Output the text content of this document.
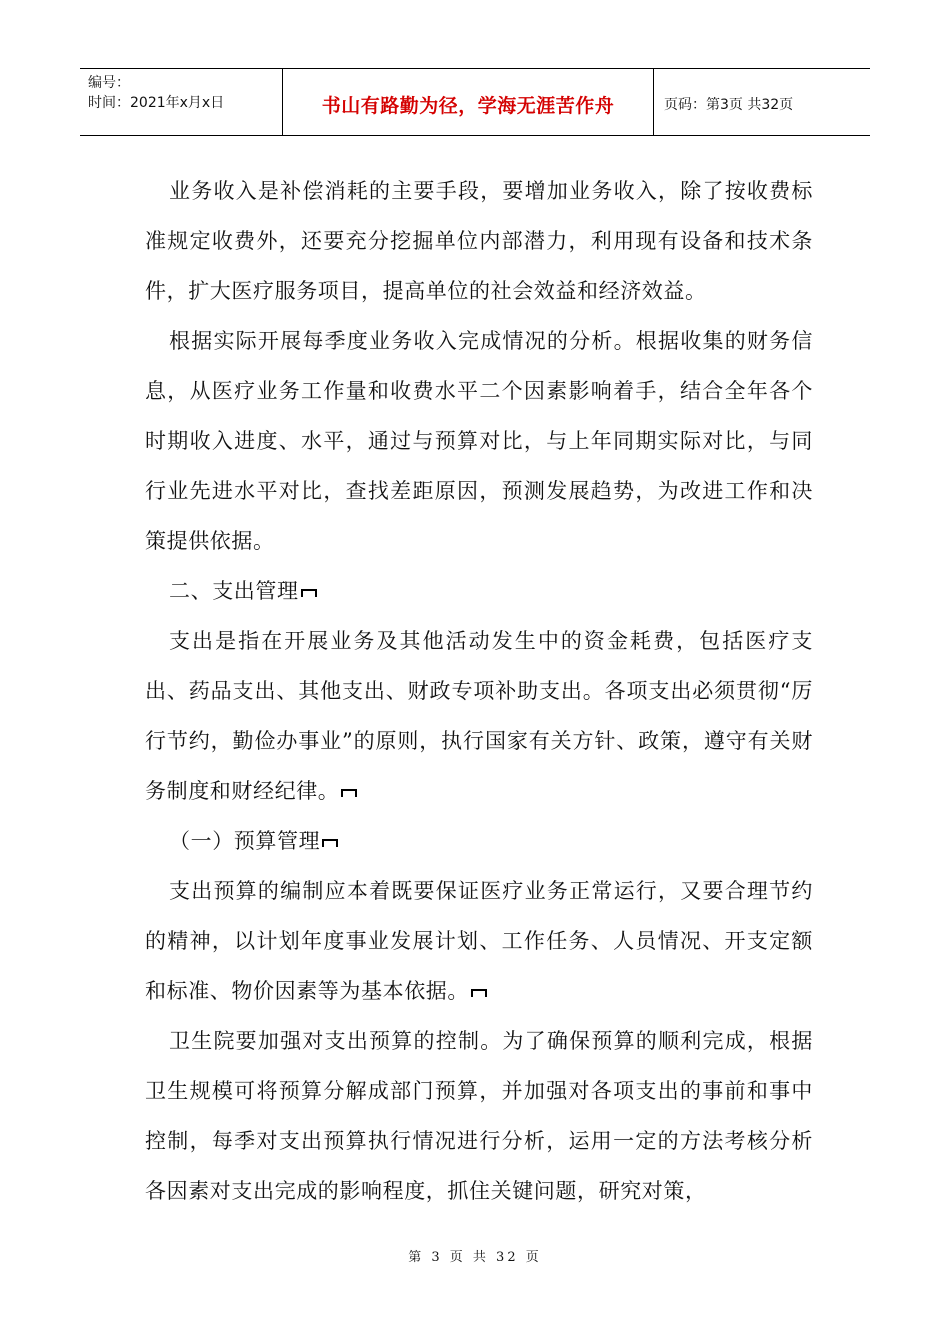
编号：
时间：2021年x月x日	书山有路勤为径，学海无涯苦作舟	页码：第3页 共32页

业务收入是补偿消耗的主要手段，要增加业务收入，除了按收费标准规定收费外，还要充分挖掘单位内部潜力，利用现有设备和技术条件，扩大医疗服务项目，提高单位的社会效益和经济效益。

根据实际开展每季度业务收入完成情况的分析。根据收集的财务信息，从医疗业务工作量和收费水平二个因素影响着手，结合全年各个时期收入进度、水平，通过与预算对比，与上年同期实际对比，与同行业先进水平对比，查找差距原因，预测发展趋势，为改进工作和决策提供依据。

二、支出管理

支出是指在开展业务及其他活动发生中的资金耗费，包括医疗支出、药品支出、其他支出、财政专项补助支出。各项支出必须贯彻“厉行节约，勤俭办事业”的原则，执行国家有关方针、政策，遵守有关财务制度和财经纪律。

（一）预算管理

支出预算的编制应本着既要保证医疗业务正常运行，又要合理节约的精神，以计划年度事业发展计划、工作任务、人员情况、开支定额和标准、物价因素等为基本依据。

卫生院要加强对支出预算的控制。为了确保预算的顺利完成，根据卫生规模可将预算分解成部门预算，并加强对各项支出的事前和事中控制，每季对支出预算执行情况进行分析，运用一定的方法考核分析各因素对支出完成的影响程度，抓住关键问题，研究对策，

第 3 页 共 32 页
